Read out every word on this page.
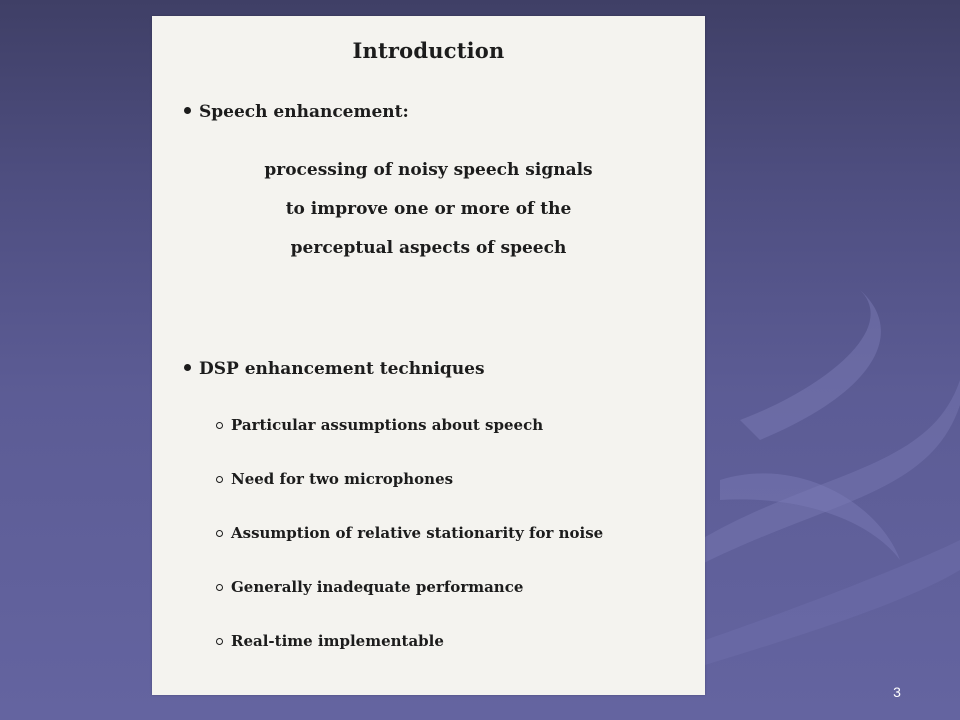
Introduction
Speech enhancement:
processing of noisy speech signals
to improve one or more of the
perceptual aspects of speech
DSP enhancement techniques
Particular assumptions about speech
Need for two microphones
Assumption of relative stationarity for noise
Generally inadequate performance
Real-time implementable
3
